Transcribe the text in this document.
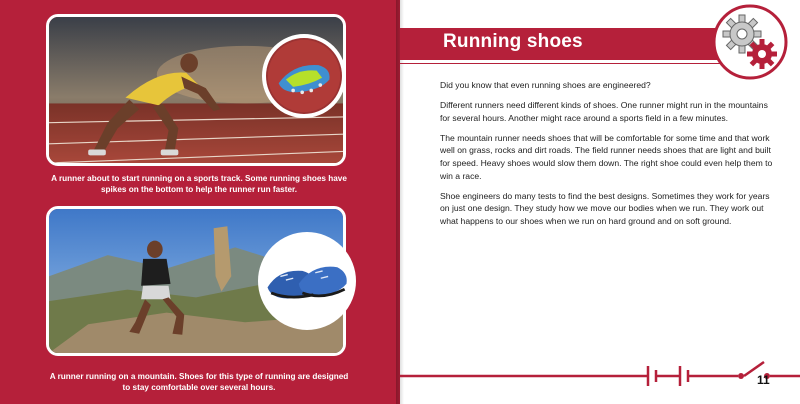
A runner about to start running on a sports track. Some running shoes have spikes on the bottom to help the runner run faster.
A runner running on a mountain. Shoes for this type of running are designed to stay comfortable over several hours.
Running shoes

Did you know that even running shoes are engineered?

Different runners need different kinds of shoes. One runner might run in the mountains for several hours. Another might race around a sports field in a few minutes.

The mountain runner needs shoes that will be comfortable for some time and that work well on grass, rocks and dirt roads. The field runner needs shoes that are light and built for speed. Heavy shoes would slow them down. The right shoe could even help them to win a race.

Shoe engineers do many tests to find the best designs. Sometimes they work for years on just one design. They study how we move our bodies when we run. They work out what happens to our shoes when we run on hard ground and on soft ground.

11
